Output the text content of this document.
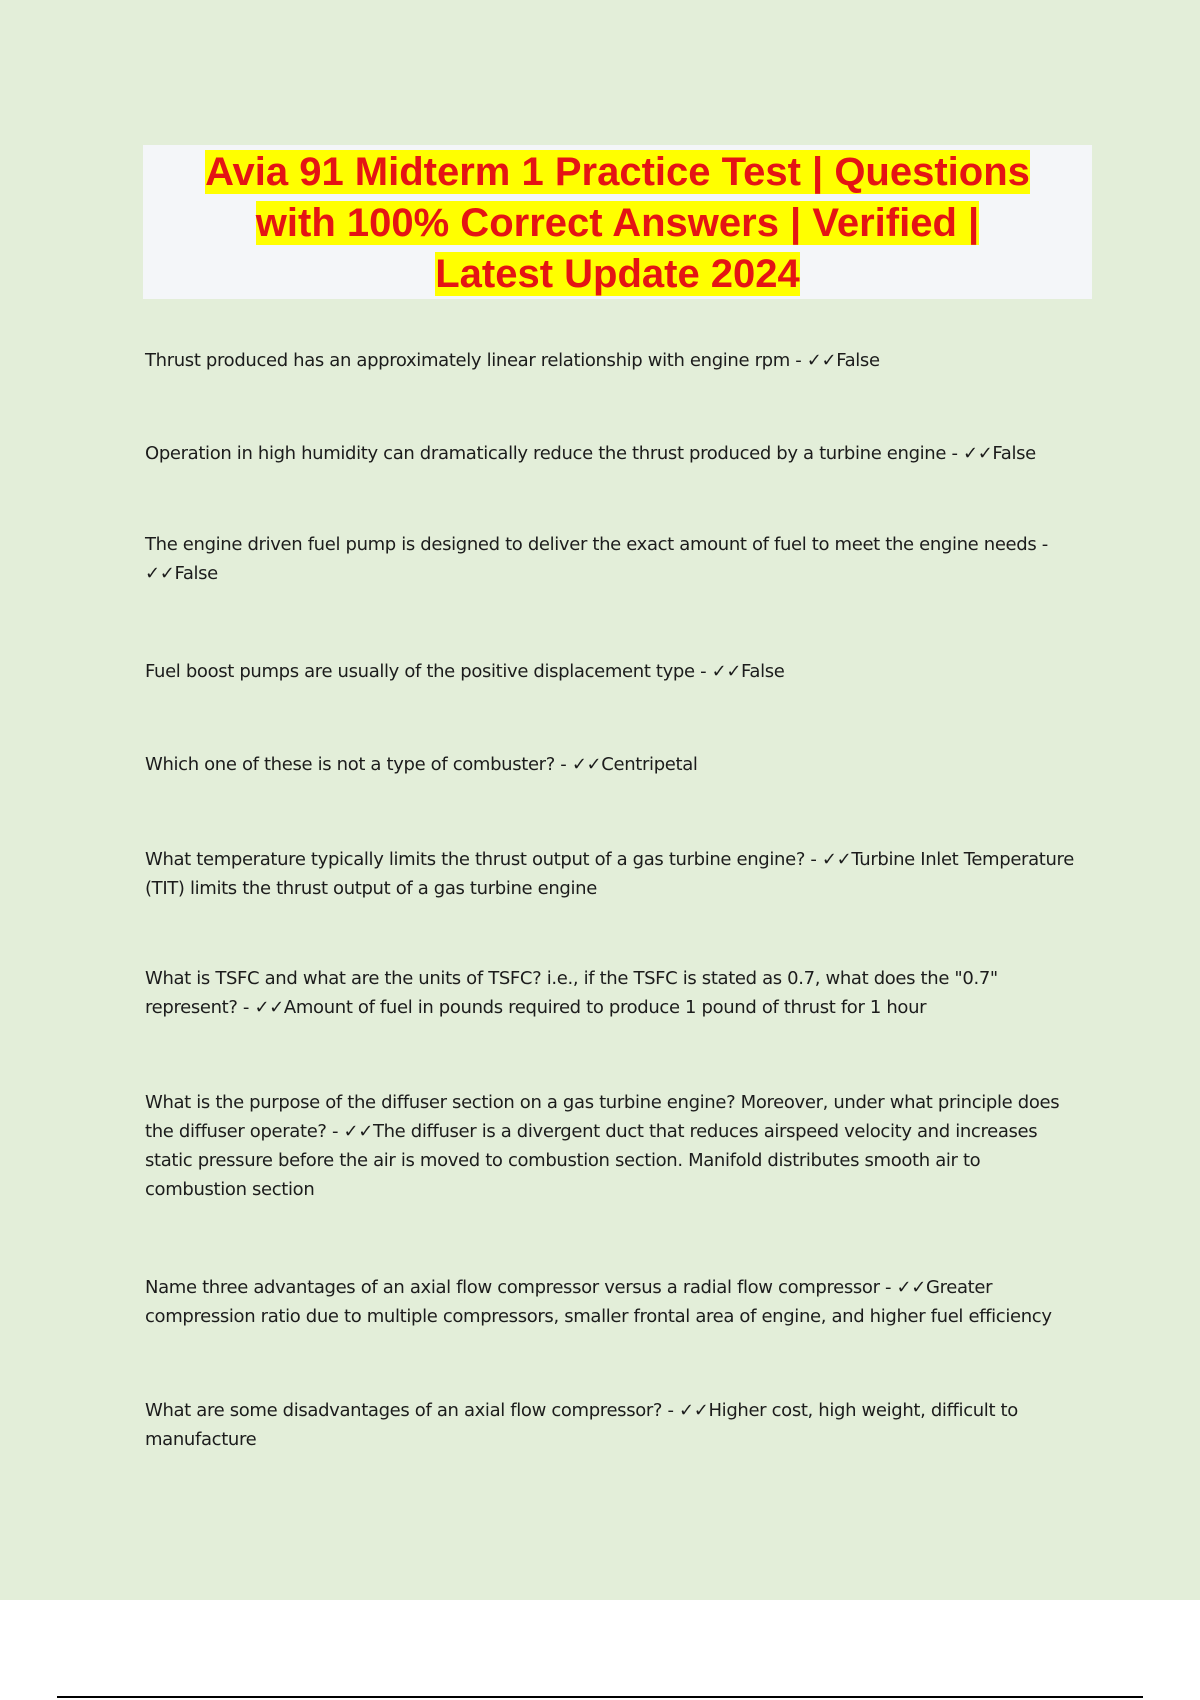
Avia 91 Midterm 1 Practice Test | Questions
with 100% Correct Answers | Verified |
Latest Update 2024

Thrust produced has an approximately linear relationship with engine rpm - ✓✓False

Operation in high humidity can dramatically reduce the thrust produced by a turbine engine - ✓✓False

The engine driven fuel pump is designed to deliver the exact amount of fuel to meet the engine needs - ✓✓False

Fuel boost pumps are usually of the positive displacement type - ✓✓False

Which one of these is not a type of combuster? - ✓✓Centripetal

What temperature typically limits the thrust output of a gas turbine engine? - ✓✓Turbine Inlet Temperature (TIT) limits the thrust output of a gas turbine engine

What is TSFC and what are the units of TSFC? i.e., if the TSFC is stated as 0.7, what does the "0.7" represent? - ✓✓Amount of fuel in pounds required to produce 1 pound of thrust for 1 hour

What is the purpose of the diffuser section on a gas turbine engine? Moreover, under what principle does the diffuser operate? - ✓✓The diffuser is a divergent duct that reduces airspeed velocity and increases static pressure before the air is moved to combustion section. Manifold distributes smooth air to combustion section

Name three advantages of an axial flow compressor versus a radial flow compressor - ✓✓Greater compression ratio due to multiple compressors, smaller frontal area of engine, and higher fuel efficiency

What are some disadvantages of an axial flow compressor? - ✓✓Higher cost, high weight, difficult to manufacture
